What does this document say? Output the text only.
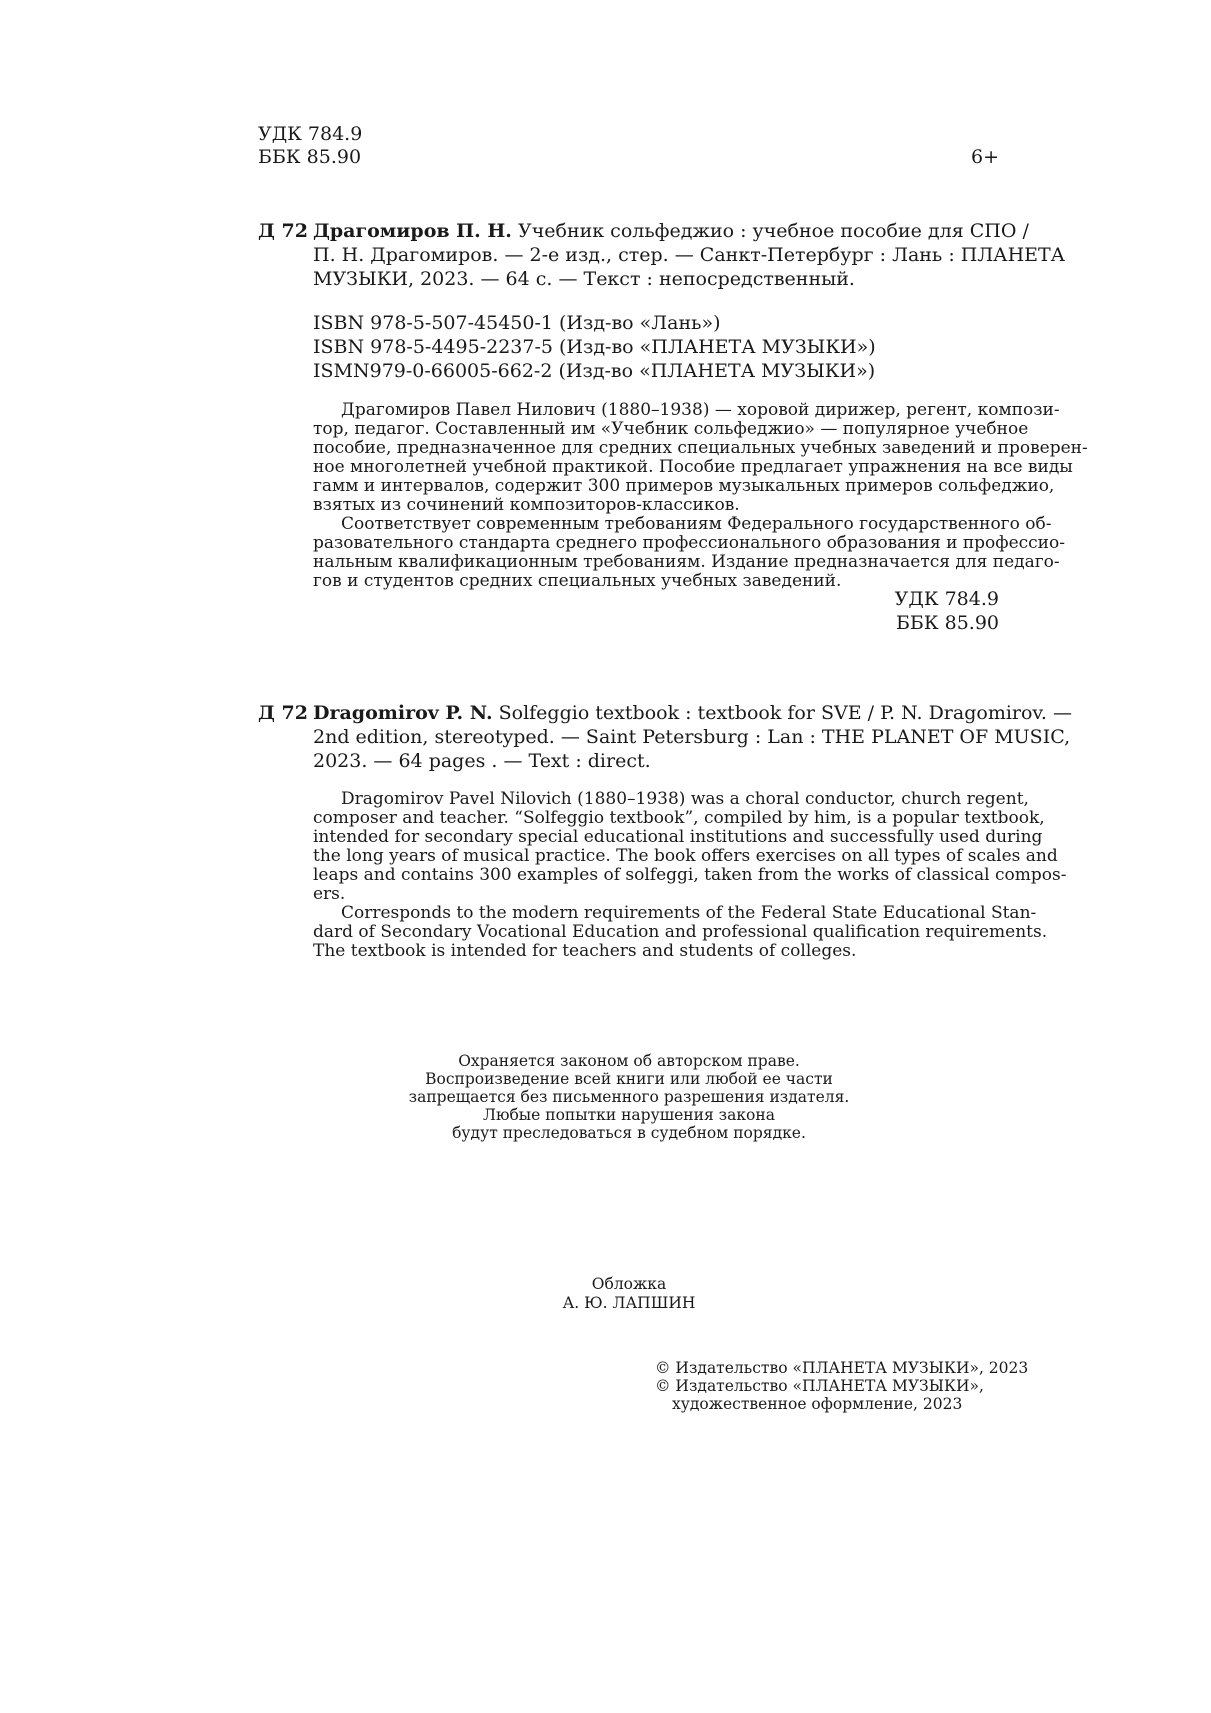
УДК 784.9
ББК 85.90	6+
Д 72 Драгомиров П. Н. Учебник сольфеджио : учебное пособие для СПО /
П. Н. Драгомиров. — 2-е изд., стер. — Санкт-Петербург : Лань : ПЛАНЕТА
МУЗЫКИ, 2023. — 64 с. — Текст : непосредственный.
ISBN 978-5-507-45450-1 (Изд-во «Лань»)
ISBN 978-5-4495-2237-5 (Изд-во «ПЛАНЕТА МУЗЫКИ»)
ISMN979-0-66005-662-2 (Изд-во «ПЛАНЕТА МУЗЫКИ»)
Драгомиров Павел Нилович (1880–1938) — хоровой дирижер, регент, компози-
тор, педагог. Составленный им «Учебник сольфеджио» — популярное учебное
пособие, предназначенное для средних специальных учебных заведений и проверен-
ное многолетней учебной практикой. Пособие предлагает упражнения на все виды
гамм и интервалов, содержит 300 примеров музыкальных примеров сольфеджио,
взятых из сочинений композиторов-классиков.
Соответствует современным требованиям Федерального государственного об-
разовательного стандарта среднего профессионального образования и профессио-
нальным квалификационным требованиям. Издание предназначается для педаго-
гов и студентов средних специальных учебных заведений.
УДК 784.9
ББК 85.90
Д 72 Dragomirov P. N. Solfeggio textbook : textbook for SVE / P. N. Dragomirov. —
2nd edition, stereotyped. — Saint Petersburg : Lan : THE PLANET OF MUSIC,
2023. — 64 pages . — Text : direct.
Dragomirov Pavel Nilovich (1880–1938) was a choral conductor, church regent,
composer and teacher. “Solfeggio textbook”, compiled by him, is a popular textbook,
intended for secondary special educational institutions and successfully used during
the long years of musical practice. The book offers exercises on all types of scales and
leaps and contains 300 examples of solfeggi, taken from the works of classical compos-
ers.
Corresponds to the modern requirements of the Federal State Educational Stan-
dard of Secondary Vocational Education and professional qualification requirements.
The textbook is intended for teachers and students of colleges.
Охраняется законом об авторском праве.
Воспроизведение всей книги или любой ее части
запрещается без письменного разрешения издателя.
Любые попытки нарушения закона
будут преследоваться в судебном порядке.
Обложка
А. Ю. ЛАПШИН
© Издательство «ПЛАНЕТА МУЗЫКИ», 2023
© Издательство «ПЛАНЕТА МУЗЫКИ»,
художественное оформление, 2023
